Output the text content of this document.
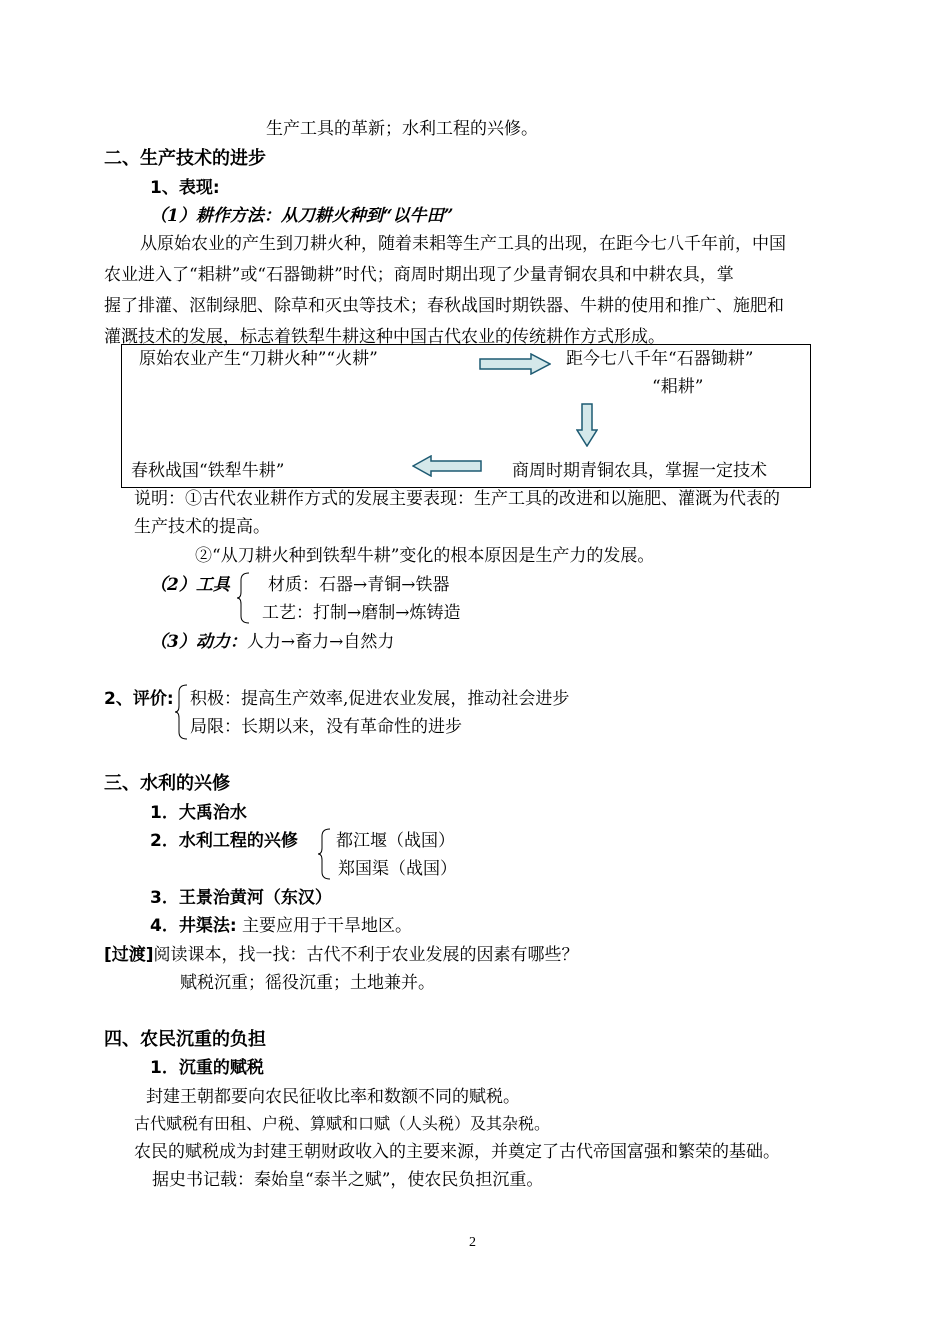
生产工具的革新；水利工程的兴修。
二、生产技术的进步
1、表现:
（1）耕作方法：从刀耕火种到“以牛田”
从原始农业的产生到刀耕火种，随着耒耜等生产工具的出现，在距今七八千年前，中国
农业进入了“耜耕”或“石器锄耕”时代；商周时期出现了少量青铜农具和中耕农具，掌
握了排灌、沤制绿肥、除草和灭虫等技术；春秋战国时期铁器、牛耕的使用和推广、施肥和
灌溉技术的发展，标志着铁犁牛耕这种中国古代农业的传统耕作方式形成。
原始农业产生“刀耕火种”“火耕”	距今七八千年“石器锄耕”
“耜耕”
商周时期青铜农具，掌握一定技术
春秋战国“铁犁牛耕”
说明：①古代农业耕作方式的发展主要表现：生产工具的改进和以施肥、灌溉为代表的
生产技术的提高。
②“从刀耕火种到铁犁牛耕”变化的根本原因是生产力的发展。
（2）工具 材质：石器→青铜→铁器
工艺：打制→磨制→炼铸造
（3）动力：人力→畜力→自然力
2、评价: 积极：提高生产效率,促进农业发展，推动社会进步
局限：长期以来，没有革命性的进步
三、水利的兴修
1．大禹治水
2．水利工程的兴修 都江堰（战国）
郑国渠（战国）
3．王景治黄河（东汉）
4．井渠法: 主要应用于干旱地区。
[过渡]阅读课本，找一找：古代不利于农业发展的因素有哪些？
赋税沉重；徭役沉重；土地兼并。
四、农民沉重的负担
1．沉重的赋税
封建王朝都要向农民征收比率和数额不同的赋税。
古代赋税有田租、户税、算赋和口赋（人头税）及其杂税。
农民的赋税成为封建王朝财政收入的主要来源，并奠定了古代帝国富强和繁荣的基础。
据史书记载：秦始皇“泰半之赋”，使农民负担沉重。
2
